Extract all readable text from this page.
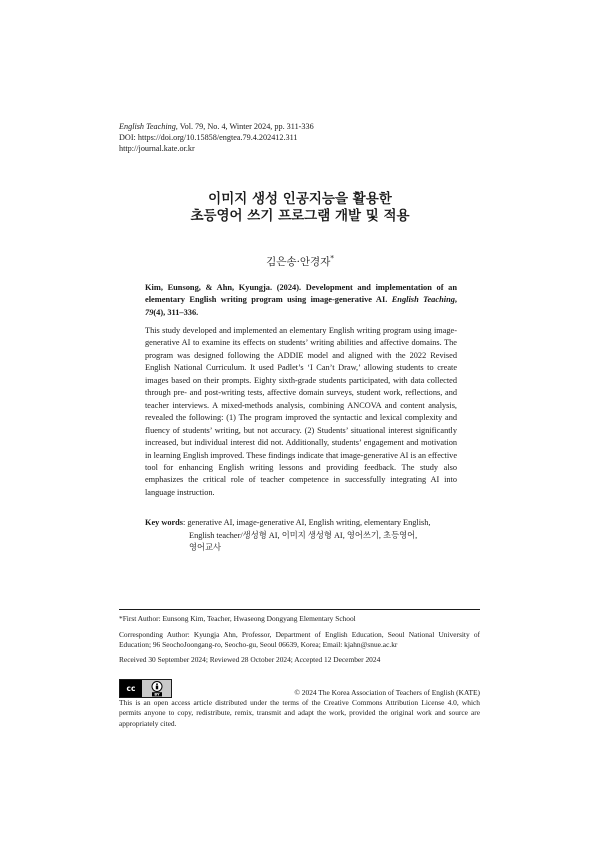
English Teaching, Vol. 79, No. 4, Winter 2024, pp. 311-336
DOI: https://doi.org/10.15858/engtea.79.4.202412.311
http://journal.kate.or.kr
이미지 생성 인공지능을 활용한
초등영어 쓰기 프로그램 개발 및 적용
김은송·안경자*
Kim, Eunsong, & Ahn, Kyungja. (2024). Development and implementation of an elementary English writing program using image-generative AI. English Teaching, 79(4), 311–336.
This study developed and implemented an elementary English writing program using image-generative AI to examine its effects on students’ writing abilities and affective domains. The program was designed following the ADDIE model and aligned with the 2022 Revised English National Curriculum. It used Padlet’s ‘I Can’t Draw,’ allowing students to create images based on their prompts. Eighty sixth-grade students participated, with data collected through pre- and post-writing tests, affective domain surveys, student work, reflections, and teacher interviews. A mixed-methods analysis, combining ANCOVA and content analysis, revealed the following: (1) The program improved the syntactic and lexical complexity and fluency of students’ writing, but not accuracy. (2) Students’ situational interest significantly increased, but individual interest did not. Additionally, students’ engagement and motivation in learning English improved. These findings indicate that image-generative AI is an effective tool for enhancing English writing lessons and providing feedback. The study also emphasizes the critical role of teacher competence in successfully integrating AI into language instruction.
Key words: generative AI, image-generative AI, English writing, elementary English,
English teacher/생성형 AI, 이미지 생성형 AI, 영어쓰기, 초등영어,
영어교사
*First Author: Eunsong Kim, Teacher, Hwaseong Dongyang Elementary School
Corresponding Author: Kyungja Ahn, Professor, Department of English Education, Seoul National University of Education; 96 SeochoJoongang-ro, Seocho-gu, Seoul 06639, Korea; Email: kjahn@snue.ac.kr
Received 30 September 2024; Reviewed 28 October 2024; Accepted 12 December 2024
cc
BY	© 2024 The Korea Association of Teachers of English (KATE)
This is an open access article distributed under the terms of the Creative Commons Attribution License 4.0, which permits anyone to copy, redistribute, remix, transmit and adapt the work, provided the original work and source are appropriately cited.
